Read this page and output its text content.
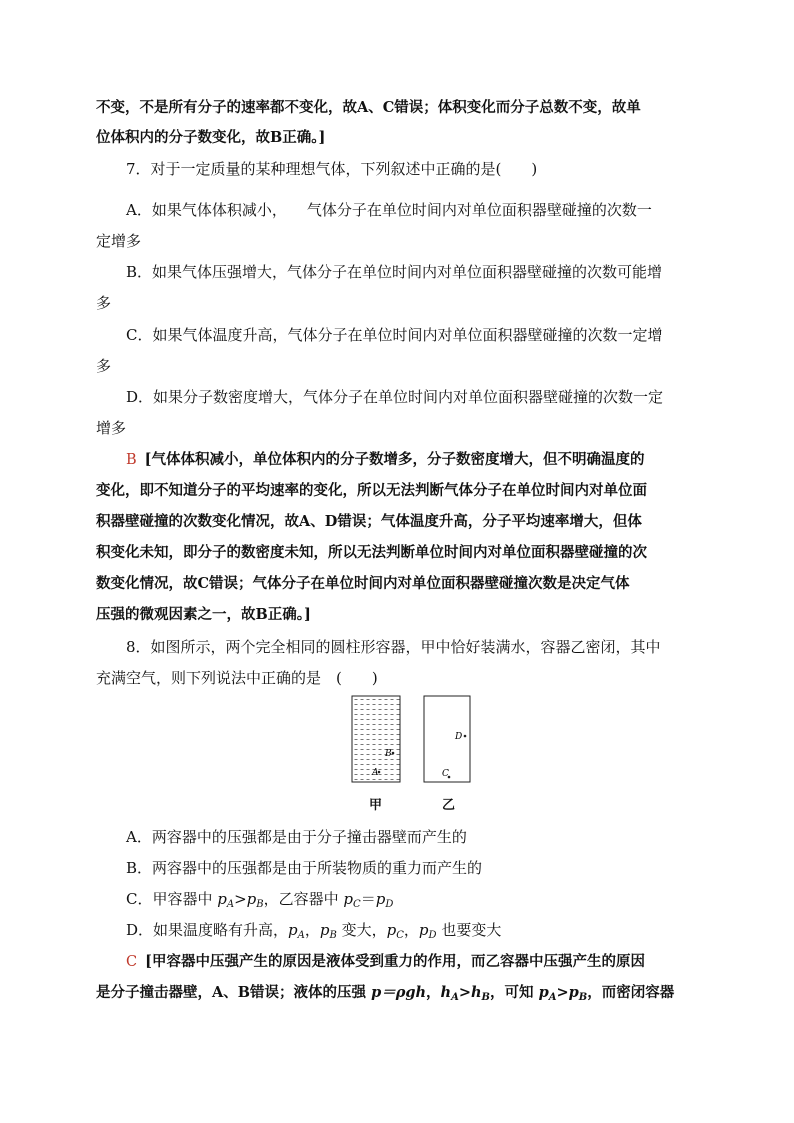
不变，不是所有分子的速率都不变化，故A、C错误；体积变化而分子总数不变，故单
位体积内的分子数变化，故B正确。]
7．对于一定质量的某种理想气体，下列叙述中正确的是(　　)
A．如果气体体积减小， 气体分子在单位时间内对单位面积器壁碰撞的次数一
定增多
B．如果气体压强增大，气体分子在单位时间内对单位面积器壁碰撞的次数可能增
多
C．如果气体温度升高，气体分子在单位时间内对单位面积器壁碰撞的次数一定增
多
D．如果分子数密度增大，气体分子在单位时间内对单位面积器壁碰撞的次数一定
增多
B [气体体积减小，单位体积内的分子数增多，分子数密度增大，但不明确温度的
变化，即不知道分子的平均速率的变化，所以无法判断气体分子在单位时间内对单位面
积器壁碰撞的次数变化情况，故A、D错误；气体温度升高，分子平均速率增大，但体
积变化未知，即分子的数密度未知，所以无法判断单位时间内对单位面积器壁碰撞的次
数变化情况，故C错误；气体分子在单位时间内对单位面积器壁碰撞次数是决定气体
压强的微观因素之一，故B正确。]
8．如图所示，两个完全相同的圆柱形容器，甲中恰好装满水，容器乙密闭，其中
充满空气，则下列说法中正确的是　(　　)
B
A
D
C
甲	乙
A．两容器中的压强都是由于分子撞击器壁而产生的
B．两容器中的压强都是由于所装物质的重力而产生的
C．甲容器中 $p_A>p_B$，乙容器中 $p_C=p_D$
D．如果温度略有升高，$p_A$，$p_B$ 变大，$p_C$，$p_D$ 也要变大
C [甲容器中压强产生的原因是液体受到重力的作用，而乙容器中压强产生的原因
是分子撞击器壁，A、B错误；液体的压强 p＝ρgh，$h_A>h_B$，可知 $p_A>p_B$，而密闭容器
